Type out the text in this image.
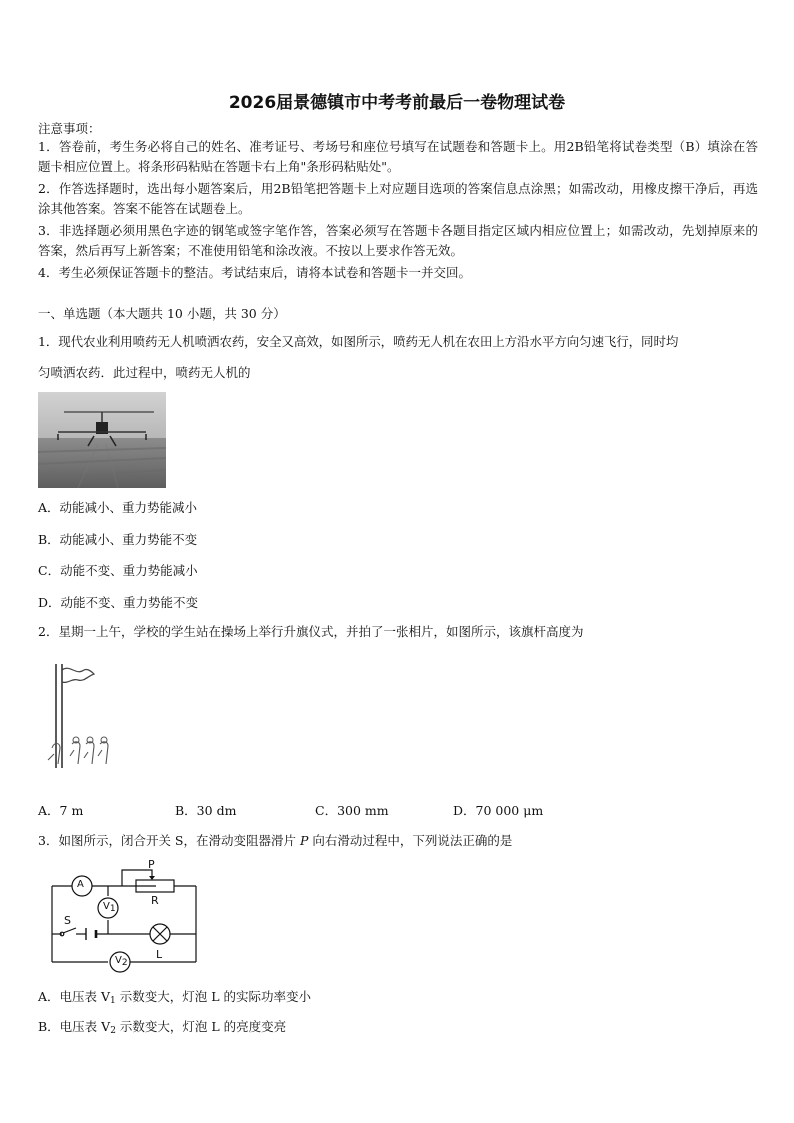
2026届景德镇市中考考前最后一卷物理试卷
注意事项：
1．答卷前，考生务必将自己的姓名、准考证号、考场号和座位号填写在试题卷和答题卡上。用2B铅笔将试卷类型（B）填涂在答题卡相应位置上。将条形码粘贴在答题卡右上角"条形码粘贴处"。
2．作答选择题时，选出每小题答案后，用2B铅笔把答题卡上对应题目选项的答案信息点涂黑；如需改动，用橡皮擦干净后，再选涂其他答案。答案不能答在试题卷上。
3．非选择题必须用黑色字迹的钢笔或签字笔作答，答案必须写在答题卡各题目指定区域内相应位置上；如需改动，先划掉原来的答案，然后再写上新答案；不准使用铅笔和涂改液。不按以上要求作答无效。
4．考生必须保证答题卡的整洁。考试结束后，请将本试卷和答题卡一并交回。
一、单选题（本大题共 10 小题，共 30 分）
1．现代农业利用喷药无人机喷洒农药，安全又高效，如图所示，喷药无人机在农田上方沿水平方向匀速飞行，同时均
匀喷洒农药．此过程中，喷药无人机的
A．动能减小、重力势能减小
B．动能减小、重力势能不变
C．动能不变、重力势能减小
D．动能不变、重力势能不变
2．星期一上午，学校的学生站在操场上举行升旗仪式，并拍了一张相片，如图所示，该旗杆高度为
A．7 m	B．30 dm	C．300 mm	D．70 000 μm
3．如图所示，闭合开关 S，在滑动变阻器滑片 P 向右滑动过程中，下列说法正确的是
A
V1
V2
P
R
S
L
A．电压表 $V_1$ 示数变大，灯泡 L 的实际功率变小
B．电压表 $V_2$ 示数变大，灯泡 L 的亮度变亮
